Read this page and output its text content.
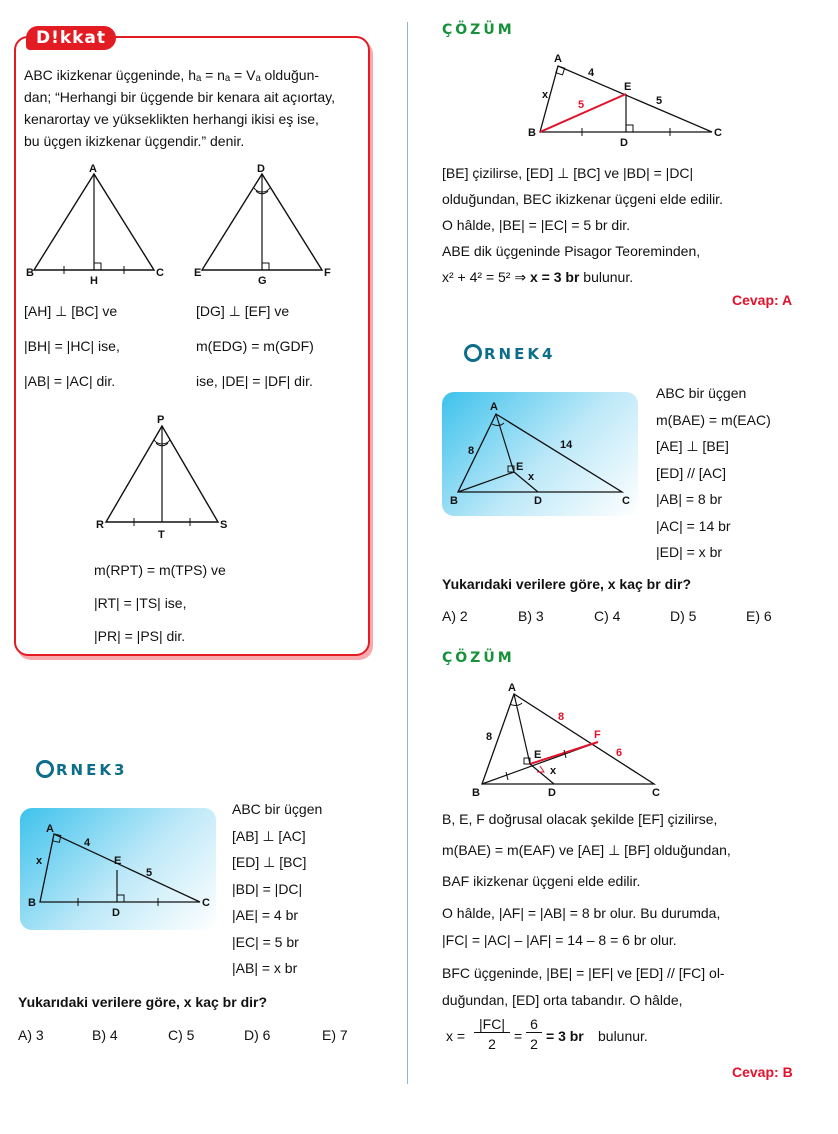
D!kkat
ABC ikizkenar üçgeninde, hₐ = nₐ = Vₐ olduğun-
dan; “Herhangi bir üçgende bir kenara ait açıortay,
kenarortay ve yükseklikten herhangi ikisi eş ise,
bu üçgen ikizkenar üçgendir.” denir.
A
B	C
H
D
E	F
G
[AH] ⊥ [BC] ve
|BH| = |HC| ise,
|AB| = |AC| dir.
[DG] ⊥ [EF] ve
m(EDG) = m(GDF)
ise, |DE| = |DF| dir.
P
R	S
T
m(RPT) = m(TPS) ve
|RT| = |TS| ise,
|PR| = |PS| dir.
RNEK3
A
B	C
D
E
x
4
5
ABC bir üçgen
[AB] ⊥ [AC]
[ED] ⊥ [BC]
|BD| = |DC|
|AE| = 4 br
|EC| = 5 br
|AB| = x br
Yukarıdaki verilere göre, x kaç br dir?
A) 3	B) 4	C) 5	D) 6	E) 7
ÇÖZÜM
A
B	C
D
E
x
4
5
5
[BE] çizilirse, [ED] ⊥ [BC] ve |BD| = |DC|
olduğundan, BEC ikizkenar üçgeni elde edilir.
O hâlde, |BE| = |EC| = 5 br dir.
ABE dik üçgeninde Pisagor Teoreminden,
x² + 4² = 5² ⇒ x = 3 br bulunur.
Cevap: A
RNEK4
A
B	C
D
E
x
8	14
ABC bir üçgen
m(BAE) = m(EAC)
[AE] ⊥ [BE]
[ED] // [AC]
|AB| = 8 br
|AC| = 14 br
|ED| = x br
Yukarıdaki verilere göre, x kaç br dir?
A) 2	B) 3	C) 4	D) 5	E) 6
ÇÖZÜM
A
B	C
D
E
F
x
8
8
6
B, E, F doğrusal olacak şekilde [EF] çizilirse,
m(BAE) = m(EAF) ve [AE] ⊥ [BF] olduğundan,
BAF ikizkenar üçgeni elde edilir.
O hâlde, |AF| = |AB| = 8 br olur. Bu durumda,
|FC| = |AC| – |AF| = 14 – 8 = 6 br olur.
BFC üçgeninde, |BE| = |EF| ve [ED] // [FC] ol-
duğundan, [ED] orta tabandır. O hâlde,
x =
|FC|
2	=
6
2 = 3 br bulunur.
Cevap: B
